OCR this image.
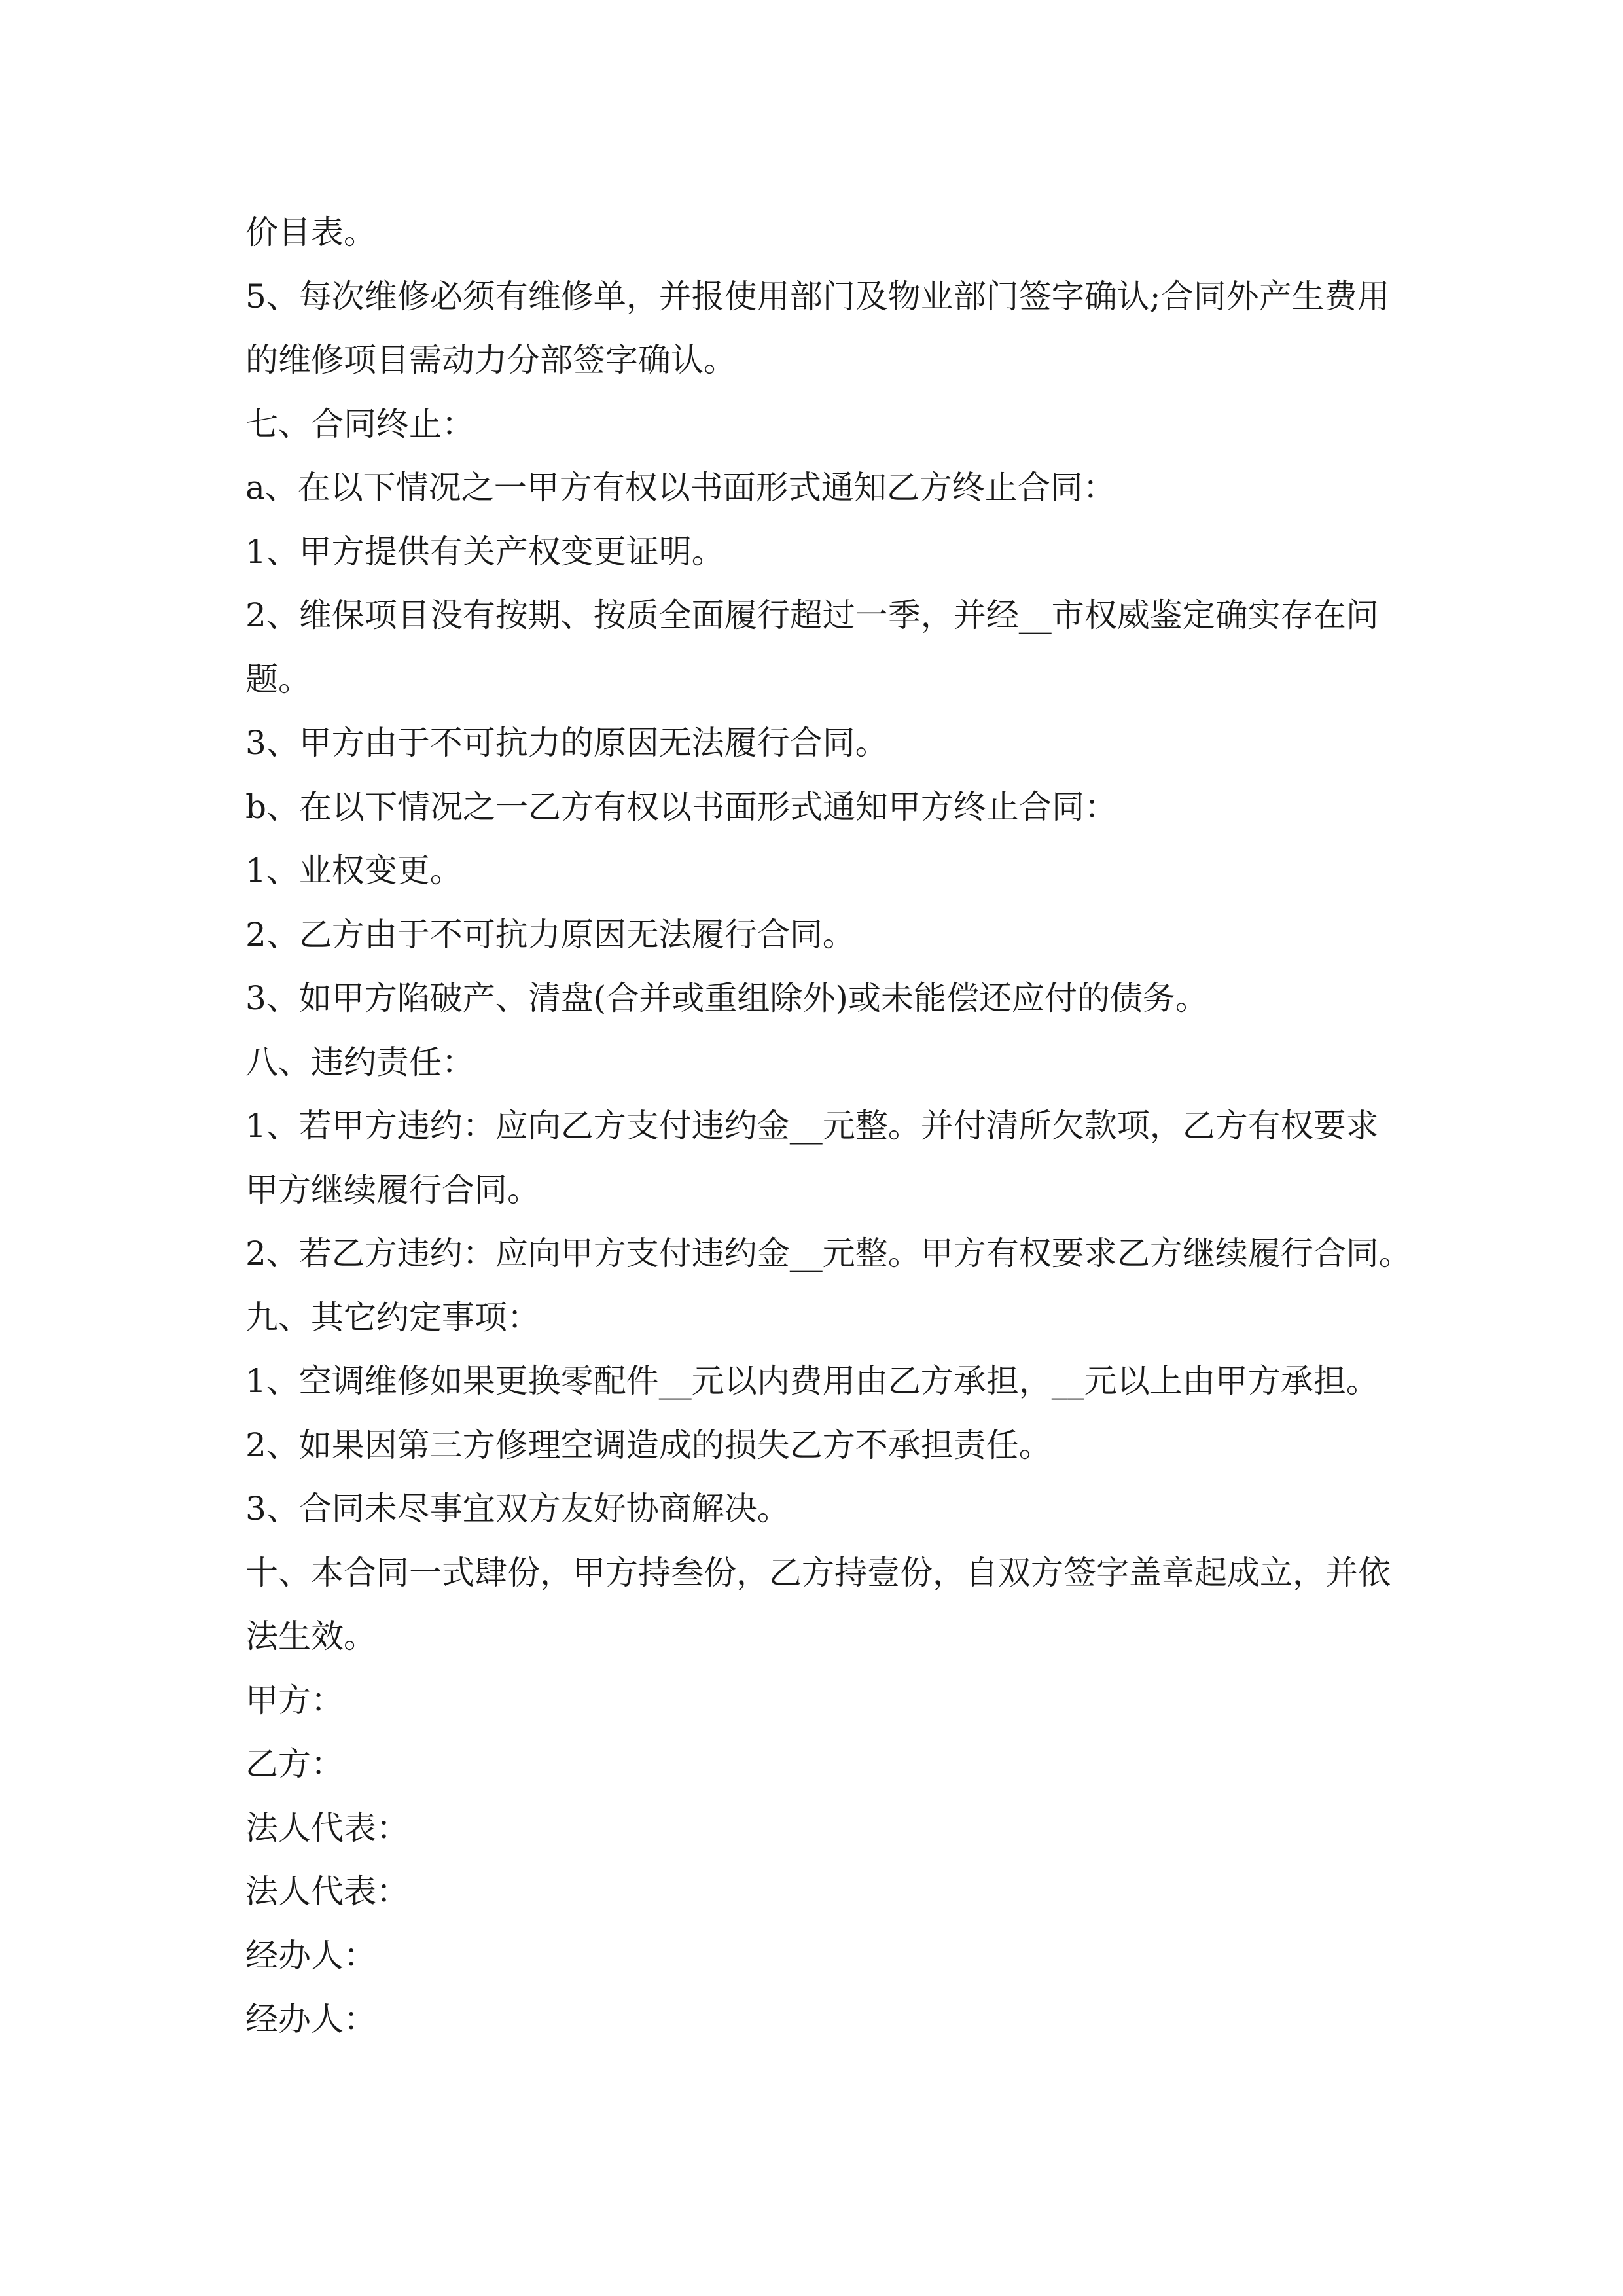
价目表。
5、每次维修必须有维修单，并报使用部门及物业部门签字确认;合同外产生费用
的维修项目需动力分部签字确认。
七、合同终止：
a、在以下情况之一甲方有权以书面形式通知乙方终止合同：
1、甲方提供有关产权变更证明。
2、维保项目没有按期、按质全面履行超过一季，并经__市权威鉴定确实存在问
题。
3、甲方由于不可抗力的原因无法履行合同。
b、在以下情况之一乙方有权以书面形式通知甲方终止合同：
1、业权变更。
2、乙方由于不可抗力原因无法履行合同。
3、如甲方陷破产、清盘(合并或重组除外)或未能偿还应付的债务。
八、违约责任：
1、若甲方违约：应向乙方支付违约金__元整。并付清所欠款项，乙方有权要求
甲方继续履行合同。
2、若乙方违约：应向甲方支付违约金__元整。甲方有权要求乙方继续履行合同。
九、其它约定事项：
1、空调维修如果更换零配件__元以内费用由乙方承担，__元以上由甲方承担。
2、如果因第三方修理空调造成的损失乙方不承担责任。
3、合同未尽事宜双方友好协商解决。
十、本合同一式肆份，甲方持叁份，乙方持壹份，自双方签字盖章起成立，并依
法生效。
甲方：
乙方：
法人代表：
法人代表：
经办人：
经办人：
